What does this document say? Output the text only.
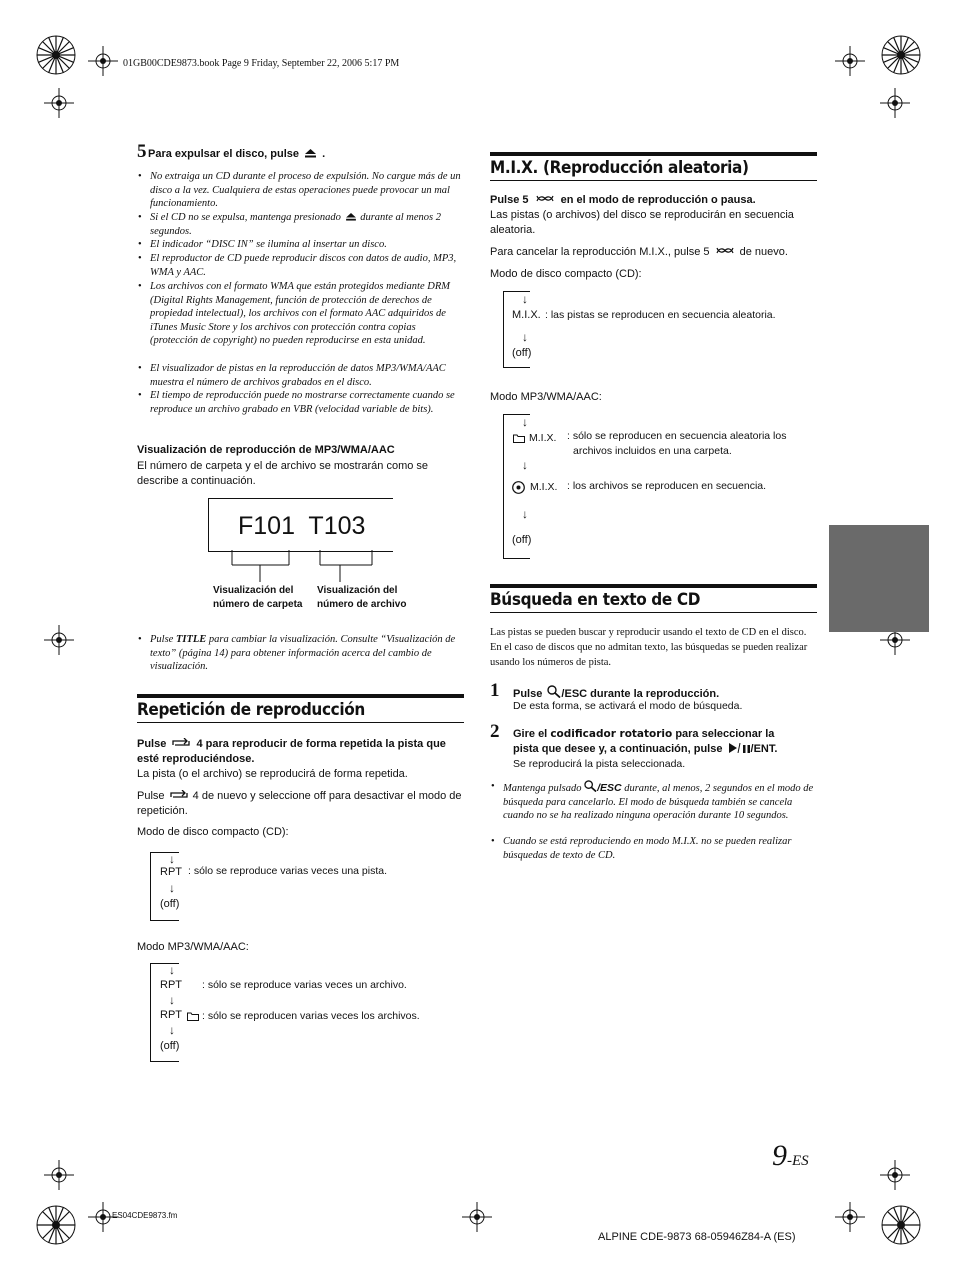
01GB00CDE9873.book Page 9 Friday, September 22, 2006 5:17 PM
5 Para expulsar el disco, pulse .
• No extraiga un CD durante el proceso de expulsión. No cargue más de un disco a la vez. Cualquiera de estas operaciones puede provocar un mal funcionamiento.
• Si el CD no se expulsa, mantenga presionado durante al menos 2 segundos.
• El indicador “DISC IN” se ilumina al insertar un disco.
• El reproductor de CD puede reproducir discos con datos de audio, MP3, WMA y AAC.
• Los archivos con el formato WMA que están protegidos mediante DRM (Digital Rights Management, función de protección de derechos de propiedad intelectual), los archivos con el formato AAC adquiridos de iTunes Music Store y los archivos con protección contra copias (protección de copyright) no pueden reproducirse en esta unidad.
• El visualizador de pistas en la reproducción de datos MP3/WMA/AAC muestra el número de archivos grabados en el disco.
• El tiempo de reproducción puede no mostrarse correctamente cuando se reproduce un archivo grabado en VBR (velocidad variable de bits).
Visualización de reproducción de MP3/WMA/AAC
El número de carpeta y el de archivo se mostrarán como se describe a continuación.
F101  T103
Visualización del
número de carpeta
Visualización del
número de archivo
• Pulse TITLE para cambiar la visualización. Consulte “Visualización de texto” (página 14) para obtener información acerca del cambio de visualización.
Repetición de reproducción
Pulse	4 para reproducir de forma repetida la pista que esté reproduciéndose.
La pista (o el archivo) se reproducirá de forma repetida.
Pulse	4 de nuevo y seleccione off para desactivar el modo de repetición.
Modo de disco compacto (CD):
↓
RPT : sólo se reproduce varias veces una pista.
↓
(off)
Modo MP3/WMA/AAC:
↓
RPT : sólo se reproduce varias veces un archivo.
↓
RPT : sólo se reproducen varias veces los archivos.
↓
(off)
M.I.X. (Reproducción aleatoria)
Pulse 5	en el modo de reproducción o pausa.
Las pistas (o archivos) del disco se reproducirán en secuencia aleatoria.
Para cancelar la reproducción M.I.X., pulse 5	de nuevo.
Modo de disco compacto (CD):
↓
M.I.X. : las pistas se reproducen en secuencia aleatoria.
↓
(off)
Modo MP3/WMA/AAC:
↓
M.I.X. : sólo se reproducen en secuencia aleatoria los
archivos incluidos en una carpeta.
↓
M.I.X. : los archivos se reproducen en secuencia.
↓
(off)
Búsqueda en texto de CD
Las pistas se pueden buscar y reproducir usando el texto de CD en el disco. En el caso de discos que no admitan texto, las búsquedas se pueden realizar usando los números de pista.
1 Pulse /ESC durante la reproducción.
De esta forma, se activará el modo de búsqueda.
2 Gire el codificador rotatorio para seleccionar la
pista que desee y, a continuación, pulse	/ENT.
Se reproducirá la pista seleccionada.
• Mantenga pulsado /ESC durante, al menos, 2 segundos en el modo de búsqueda para cancelarlo. El modo de búsqueda también se cancela cuando no se ha realizado ninguna operación durante 10 segundos.
• Cuando se está reproduciendo en modo M.I.X. no se pueden realizar búsquedas de texto de CD.
9-ES
ES04CDE9873.fm
ALPINE CDE-9873 68-05946Z84-A (ES)
